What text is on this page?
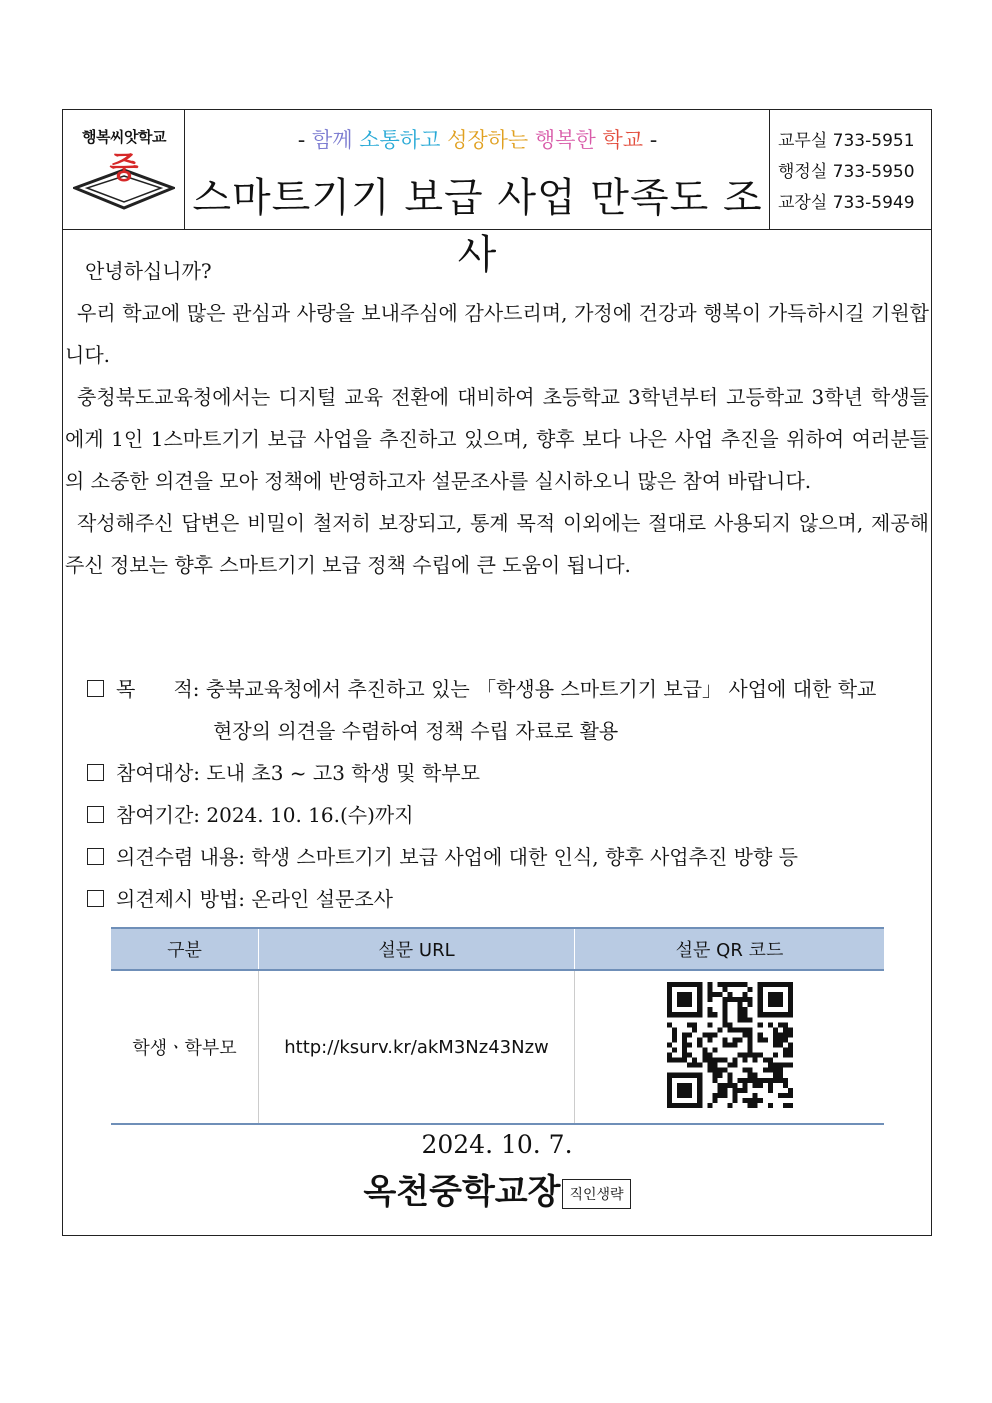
행복씨앗학교
중
- 함께 소통하고 성장하는 행복한 학교 -
스마트기기 보급 사업 만족도 조사
교무실 733-5951
행정실 733-5950
교장실 733-5949

안녕하십니까?

우리 학교에 많은 관심과 사랑을 보내주심에 감사드리며, 가정에 건강과 행복이 가득하시길 기원합니다.

충청북도교육청에서는 디지털 교육 전환에 대비하여 초등학교 3학년부터 고등학교 3학년 학생들에게 1인 1스마트기기 보급 사업을 추진하고 있으며, 향후 보다 나은 사업 추진을 위하여 여러분들의 소중한 의견을 모아 정책에 반영하고자 설문조사를 실시하오니 많은 참여 바랍니다.

작성해주신 답변은 비밀이 철저히 보장되고, 통계 목적 이외에는 절대로 사용되지 않으며, 제공해주신 정보는 향후 스마트기기 보급 정책 수립에 큰 도움이 됩니다.

목      적: 충북교육청에서 추진하고 있는 「학생용 스마트기기 보급」 사업에 대한 학교
현장의 의견을 수렴하여 정책 수립 자료로 활용
참여대상: 도내 초3 ~ 고3 학생 및 학부모
참여기간: 2024. 10. 16.(수)까지
의견수렴 내용: 학생 스마트기기 보급 사업에 대한 인식, 향후 사업추진 방향 등
의견제시 방법: 온라인 설문조사
구분	설문 URL	설문 QR 코드
학생ㆍ학부모	http://ksurv.kr/akM3Nz43Nzw	
2024. 10. 7.
옥천중학교장 직인생략
